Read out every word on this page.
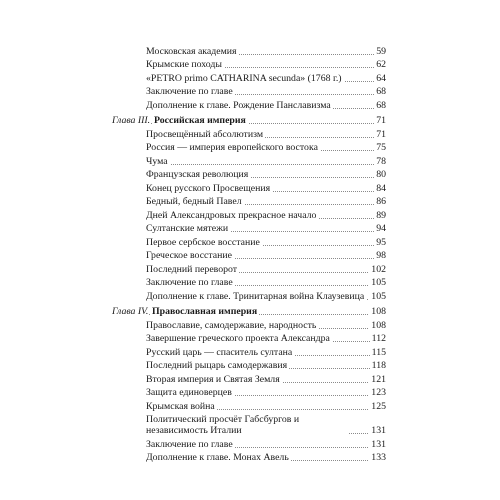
Московская академия	59
Крымские походы	62
«PETRO primo CATHARINA secunda» (1768 г.)	64
Заключение по главе	68
Дополнение к главе. Рождение Панславизма	68
Глава III. Российская империя	71
Просвещённый абсолютизм	71
Россия — империя европейского востока	75
Чума	78
Французская революция	80
Конец русского Просвещения	84
Бедный, бедный Павел	86
Дней Александровых прекрасное начало	89
Султанские мятежи	94
Первое сербское восстание	95
Греческое восстание	98
Последний переворот	102
Заключение по главе	105
Дополнение к главе. Тринитарная война Клаузевица 105
Глава IV. Православная империя	108
Православие, самодержавие, народность	108
Завершение греческого проекта Александра	112
Русский царь — спаситель султана	115
Последний рыцарь самодержавия	118
Вторая империя и Святая Земля	121
Защита единоверцев	123
Крымская война	125
Политический просчёт Габсбургов и независимость Италии	131
Заключение по главе	131
Дополнение к главе. Монах Авель	133
